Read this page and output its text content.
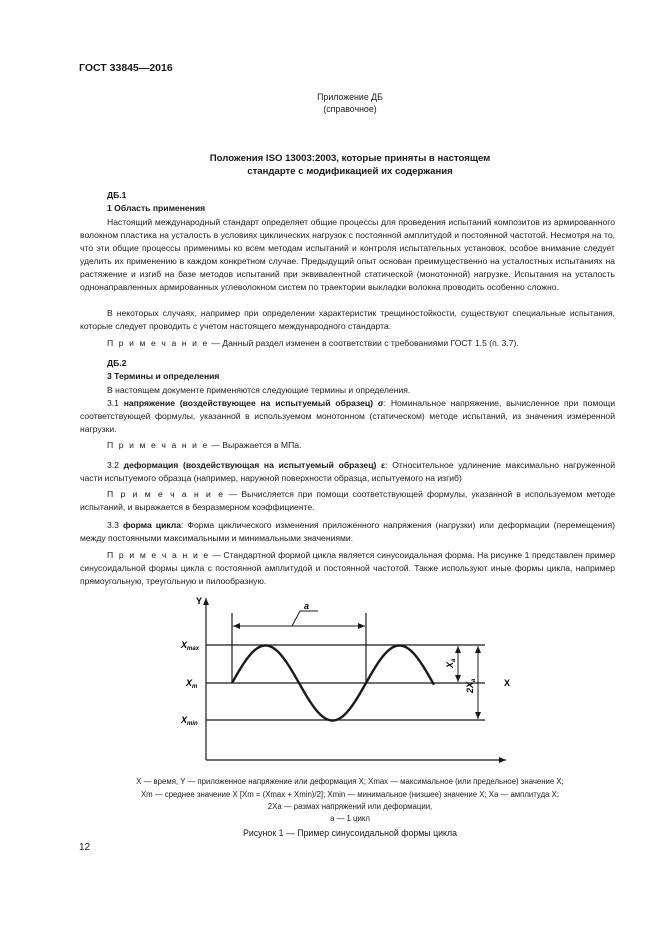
ГОСТ 33845—2016
Приложение ДБ
(справочное)
Положения ISO 13003:2003, которые приняты в настоящем
стандарте с модификацией их содержания
ДБ.1
1 Область применения
Настоящий международный стандарт определяет общие процессы для проведения испытаний композитов из армированного волокном пластика на усталость в условиях циклических нагрузок с постоянной амплитудой и постоянной частотой. Несмотря на то, что эти общие процессы применимы ко всем методам испытаний и контроля испытательных установок, особое внимание следует уделить их применению в каждом конкретном случае. Предыдущий опыт основан преимущественно на усталостных испытаниях на растяжение и изгиб на базе методов испытаний при эквивалентной статической (монотонной) нагрузке. Испытания на усталость однонаправленных армированных углеволокном систем по траектории выкладки волокна проводить особенно сложно.
В некоторых случаях, например при определении характеристик трещиностойкости, существуют специальные испытания, которые следует проводить с учетом настоящего международного стандарта.
П р и м е ч а н и е — Данный раздел изменен в соответствии с требованиями ГОСТ 1.5 (п. 3.7).
ДБ.2
3 Термины и определения
В настоящем документе применяются следующие термины и определения.
3.1 напряжение (воздействующее на испытуемый образец) σ: Номинальное напряжение, вычисленное при помощи соответствующей формулы, указанной в используемом монотонном (статическом) методе испытаний, из значения измеренной нагрузки.
П р и м е ч а н и е — Выражается в МПа.
3.2 деформация (воздействующая на испытуемый образец) ε: Относительное удлинение максимально нагруженной части испытуемого образца (например, наружной поверхности образца, испытуемого на изгиб)
П р и м е ч а н и е — Вычисляется при помощи соответствующей формулы, указанной в используемом методе испытаний, и выражается в безразмерном коэффициенте.
3.3 форма цикла: Форма циклического изменения приложенного напряжения (нагрузки) или деформации (перемещения) между постоянными максимальными и минимальными значениями.
П р и м е ч а н и е — Стандартной формой цикла является синусоидальная форма. На рисунке 1 представлен пример синусоидальной формы цикла с постоянной амплитудой и постоянной частотой. Также используют иные формы цикла, например прямоугольную, треугольную и пилообразную.
Y
X
a
$X_a$
$2X_a$
$X_{max}$
$X_m$
$X_{min}$
X — время, Y — приложенное напряжение или деформация X; Xmax — максимальное (или предельное) значение X;
Xm — среднее значение X [Xm = (Xmax + Xmin)/2]; Xmin — минимальное (низшее) значение X; Xa — амплитуда X;
2Xa — размах напряжений или деформации,
a — 1 цикл
Рисунок 1 — Пример синусоидальной формы цикла
12
